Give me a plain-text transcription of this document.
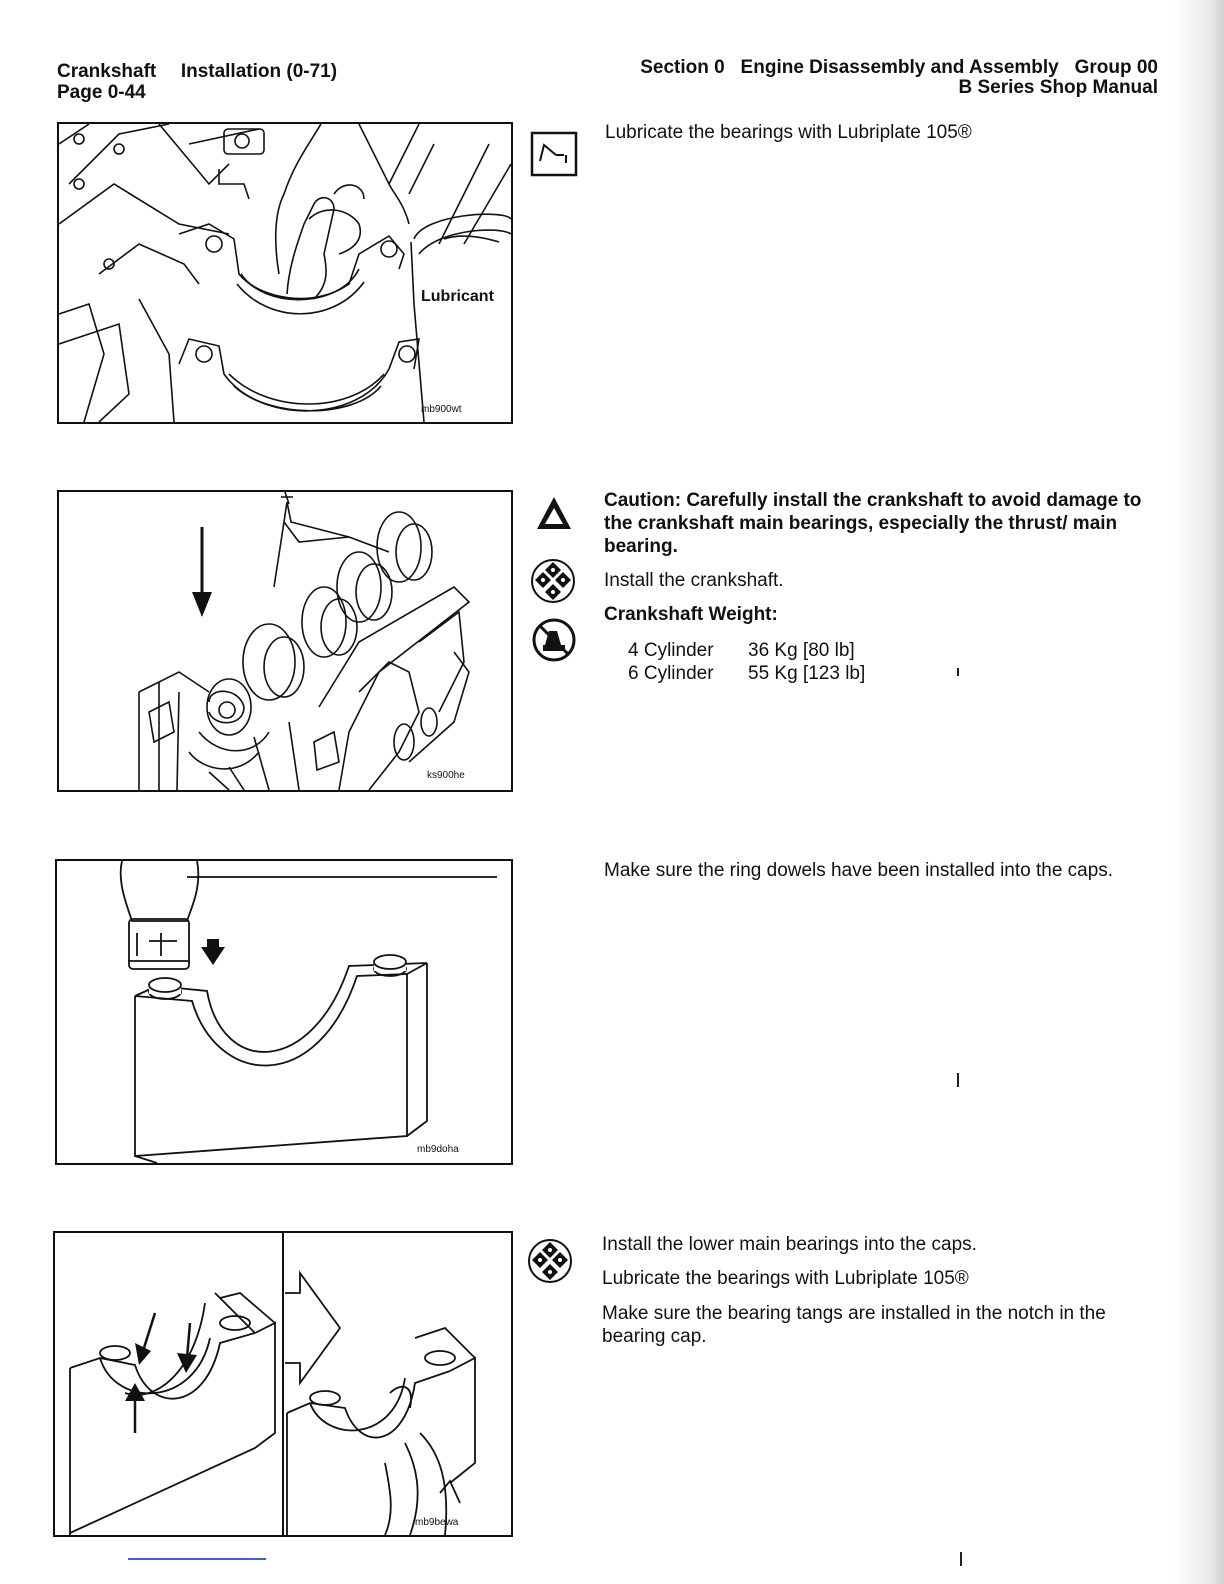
Crankshaft Installation (0-71)
Page 0-44
Section 0   Engine Disassembly and Assembly   Group 00
B Series Shop Manual
Lubricant
mb900wt
Lubricate the bearings with Lubriplate 105®
ks900he
Caution: Carefully install the crankshaft to avoid damage to the crankshaft main bearings, especially the thrust/ main bearing.
Install the crankshaft.
Crankshaft Weight:
4 Cylinder 36 Kg [80 lb]
6 Cylinder 55 Kg [123 lb]
mb9doha
Make sure the ring dowels have been installed into the caps.
mb9bewa
Install the lower main bearings into the caps.
Lubricate the bearings with Lubriplate 105®
Make sure the bearing tangs are installed in the notch in the bearing cap.
